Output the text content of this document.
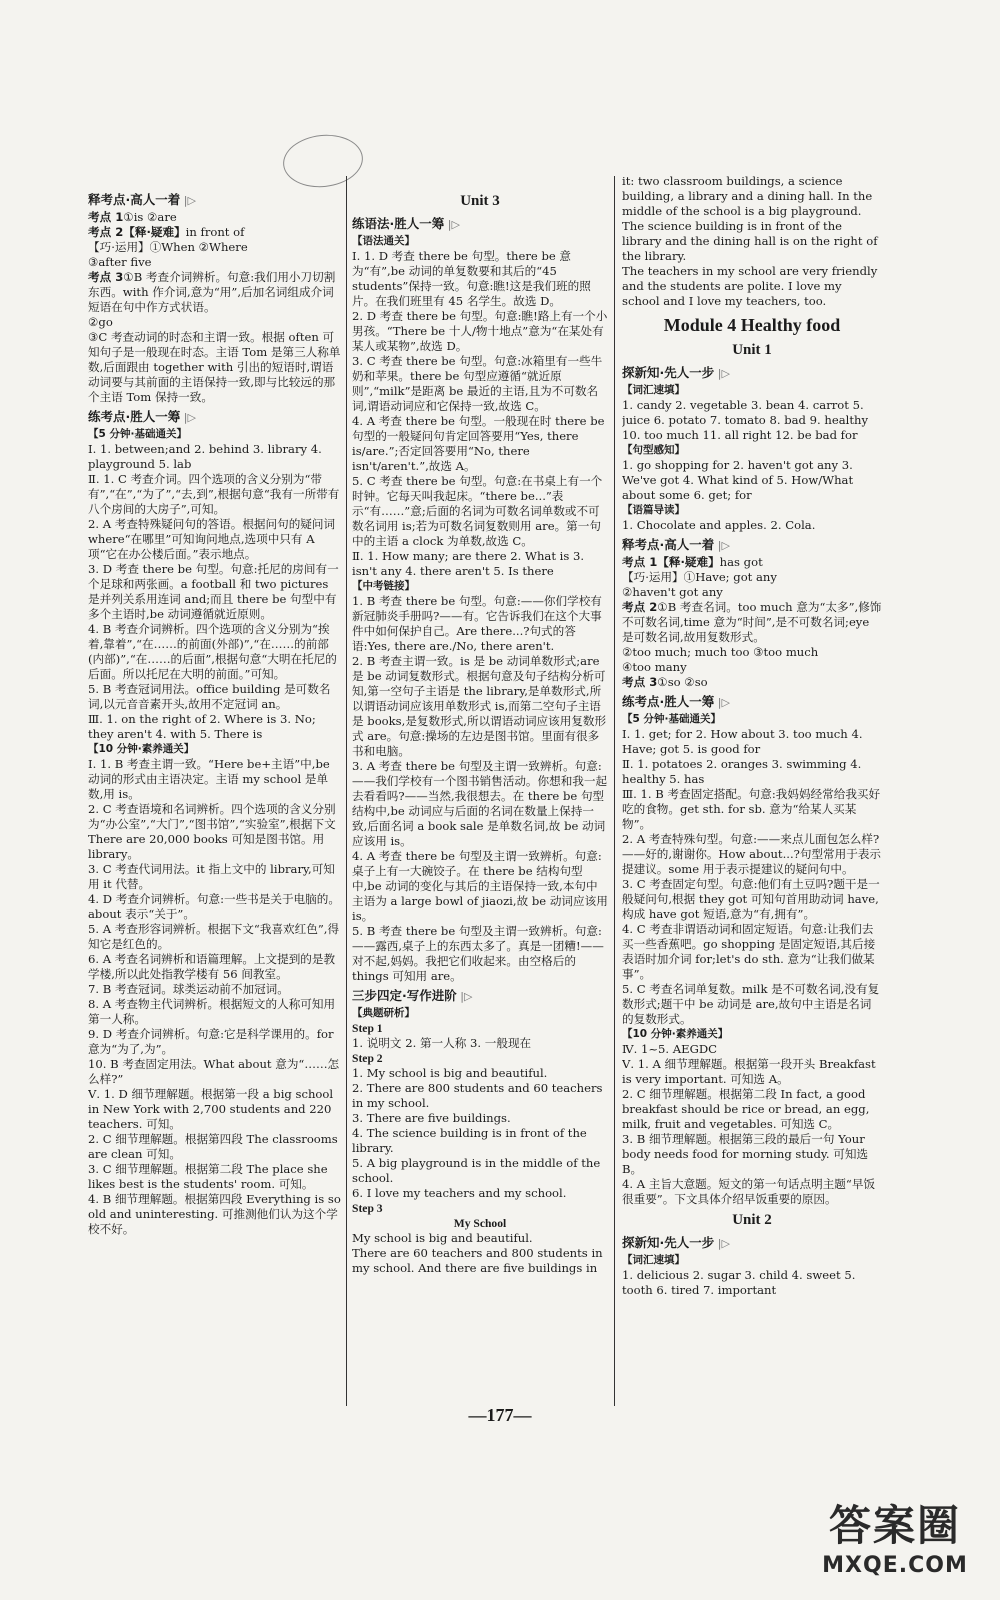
释考点·高人一着 |▷
考点 1①is ②are
考点 2【释·疑难】in front of
【巧·运用】①When ②Where
③after five
考点 3①B 考查介词辨析。句意:我们用小刀切割东西。with 作介词,意为“用”,后加名词组成介词短语在句中作方式状语。
②go
③C 考查动词的时态和主谓一致。根据 often 可知句子是一般现在时态。主语 Tom 是第三人称单数,后面跟由 together with 引出的短语时,谓语动词要与其前面的主语保持一致,即与比较远的那个主语 Tom 保持一致。
练考点·胜人一筹 |▷
【5 分钟·基础通关】
Ⅰ. 1. between;and 2. behind 3. library 4. playground 5. lab
Ⅱ. 1. C 考查介词。四个选项的含义分别为“带有”,“在”,“为了”,“去,到”,根据句意“我有一所带有八个房间的大房子”,可知。
2. A 考查特殊疑问句的答语。根据问句的疑问词 where“在哪里”可知询问地点,选项中只有 A 项“它在办公楼后面。”表示地点。
3. D 考查 there be 句型。句意:托尼的房间有一个足球和两张画。a football 和 two pictures 是并列关系用连词 and;而且 there be 句型中有多个主语时,be 动词遵循就近原则。
4. B 考查介词辨析。四个选项的含义分别为“挨着,靠着”,“在……的前面(外部)”,“在……的前部(内部)”,“在……的后面”,根据句意“大明在托尼的后面。所以托尼在大明的前面。”可知。
5. B 考查冠词用法。office building 是可数名词,以元音音素开头,故用不定冠词 an。
Ⅲ. 1. on the right of 2. Where is 3. No; they aren't 4. with 5. There is
【10 分钟·素养通关】
Ⅰ. 1. B 考查主谓一致。“Here be+主语”中,be 动词的形式由主语决定。主语 my school 是单数,用 is。
2. C 考查语境和名词辨析。四个选项的含义分别为“办公室”,“大门”,“图书馆”,“实验室”,根据下文 There are 20,000 books 可知是图书馆。用 library。
3. C 考查代词用法。it 指上文中的 library,可知用 it 代替。
4. D 考查介词辨析。句意:一些书是关于电脑的。about 表示“关于”。
5. A 考查形容词辨析。根据下文“我喜欢红色”,得知它是红色的。
6. A 考查名词辨析和语篇理解。上文提到的是教学楼,所以此处指教学楼有 56 间教室。
7. B 考查冠词。球类运动前不加冠词。
8. A 考查物主代词辨析。根据短文的人称可知用第一人称。
9. D 考查介词辨析。句意:它是科学课用的。for 意为“为了,为”。
10. B 考查固定用法。What about 意为“……怎么样?”
Ⅴ. 1. D 细节理解题。根据第一段 a big school in New York with 2,700 students and 220 teachers. 可知。
2. C 细节理解题。根据第四段 The classrooms are clean 可知。
3. C 细节理解题。根据第二段 The place she likes best is the students' room. 可知。
4. B 细节理解题。根据第四段 Everything is so old and uninteresting. 可推测他们认为这个学校不好。
Unit 3
练语法·胜人一筹 |▷
【语法通关】
Ⅰ. 1. D 考查 there be 句型。there be 意为“有”,be 动词的单复数要和其后的“45 students”保持一致。句意:瞧!这是我们班的照片。在我们班里有 45 名学生。故选 D。
2. D 考查 there be 句型。句意:瞧!路上有一个小男孩。“There be 十人/物十地点”意为“在某处有某人或某物”,故选 D。
3. C 考查 there be 句型。句意:冰箱里有一些牛奶和苹果。there be 句型应遵循“就近原则”,“milk”是距离 be 最近的主语,且为不可数名词,谓语动词应和它保持一致,故选 C。
4. A 考查 there be 句型。一般现在时 there be 句型的一般疑问句肯定回答要用“Yes, there is/are.”;否定回答要用“No, there isn't/aren't.”,故选 A。
5. C 考查 there be 句型。句意:在书桌上有一个时钟。它每天叫我起床。“there be...”表示“有……”意;后面的名词为可数名词单数或不可数名词用 is;若为可数名词复数则用 are。第一句中的主语 a clock 为单数,故选 C。
Ⅱ. 1. How many; are there 2. What is 3. isn't any 4. there aren't 5. Is there
【中考链接】
1. B 考查 there be 句型。句意:——你们学校有新冠肺炎手册吗?——有。它告诉我们在这个大事件中如何保护自己。Are there...?句式的答语:Yes, there are./No, there aren't.
2. B 考查主谓一致。is 是 be 动词单数形式;are 是 be 动词复数形式。根据句意及句子结构分析可知,第一空句子主语是 the library,是单数形式,所以谓语动词应该用单数形式 is,而第二空句子主语是 books,是复数形式,所以谓语动词应该用复数形式 are。句意:操场的左边是图书馆。里面有很多书和电脑。
3. A 考查 there be 句型及主谓一致辨析。句意:——我们学校有一个图书销售活动。你想和我一起去看看吗?——当然,我很想去。在 there be 句型结构中,be 动词应与后面的名词在数量上保持一致,后面名词 a book sale 是单数名词,故 be 动词应该用 is。
4. A 考查 there be 句型及主谓一致辨析。句意:桌子上有一大碗饺子。在 there be 结构句型中,be 动词的变化与其后的主语保持一致,本句中主语为 a large bowl of jiaozi,故 be 动词应该用 is。
5. B 考查 there be 句型及主谓一致辨析。句意:——露西,桌子上的东西太多了。真是一团糟!——对不起,妈妈。我把它们收起来。由空格后的 things 可知用 are。
三步四定·写作进阶 |▷
【典题研析】
Step 1
1. 说明文 2. 第一人称 3. 一般现在
Step 2
1. My school is big and beautiful.
2. There are 800 students and 60 teachers in my school.
3. There are five buildings.
4. The science building is in front of the library.
5. A big playground is in the middle of the school.
6. I love my teachers and my school.
Step 3
My School
My school is big and beautiful.
There are 60 teachers and 800 students in my school. And there are five buildings in
it: two classroom buildings, a science building, a library and a dining hall. In the middle of the school is a big playground. The science building is in front of the library and the dining hall is on the right of the library.
The teachers in my school are very friendly and the students are polite. I love my school and I love my teachers, too.
Module 4 Healthy food
Unit 1
探新知·先人一步 |▷
【词汇速填】
1. candy 2. vegetable 3. bean 4. carrot 5. juice 6. potato 7. tomato 8. bad 9. healthy 10. too much 11. all right 12. be bad for
【句型感知】
1. go shopping for 2. haven't got any 3. We've got 4. What kind of 5. How/What about some 6. get; for
【语篇导读】
1. Chocolate and apples. 2. Cola.
释考点·高人一着 |▷
考点 1【释·疑难】has got
【巧·运用】①Have; got any
②haven't got any
考点 2①B 考查名词。too much 意为“太多”,修饰不可数名词,time 意为“时间”,是不可数名词;eye 是可数名词,故用复数形式。
②too much; much too ③too much
④too many
考点 3①so ②so
练考点·胜人一筹 |▷
【5 分钟·基础通关】
Ⅰ. 1. get; for 2. How about 3. too much 4. Have; got 5. is good for
Ⅱ. 1. potatoes 2. oranges 3. swimming 4. healthy 5. has
Ⅲ. 1. B 考查固定搭配。句意:我妈妈经常给我买好吃的食物。get sth. for sb. 意为“给某人买某物”。
2. A 考查特殊句型。句意:——来点儿面包怎么样?——好的,谢谢你。How about...?句型常用于表示提建议。some 用于表示提建议的疑问句中。
3. C 考查固定句型。句意:他们有土豆吗?题干是一般疑问句,根据 they got 可知句首用助动词 have,构成 have got 短语,意为“有,拥有”。
4. C 考查非谓语动词和固定短语。句意:让我们去买一些香蕉吧。go shopping 是固定短语,其后接表语时加介词 for;let's do sth. 意为“让我们做某事”。
5. C 考查名词单复数。milk 是不可数名词,没有复数形式;题干中 be 动词是 are,故句中主语是名词的复数形式。
【10 分钟·素养通关】
Ⅳ. 1~5. AEGDC
Ⅴ. 1. A 细节理解题。根据第一段开头 Breakfast is very important. 可知选 A。
2. C 细节理解题。根据第二段 In fact, a good breakfast should be rice or bread, an egg, milk, fruit and vegetables. 可知选 C。
3. B 细节理解题。根据第三段的最后一句 Your body needs food for morning study. 可知选 B。
4. A 主旨大意题。短文的第一句话点明主题“早饭很重要”。下文具体介绍早饭重要的原因。
Unit 2
探新知·先人一步 |▷
【词汇速填】
1. delicious 2. sugar 3. child 4. sweet 5. tooth 6. tired 7. important
—177—
答案圈
MXQE.COM
